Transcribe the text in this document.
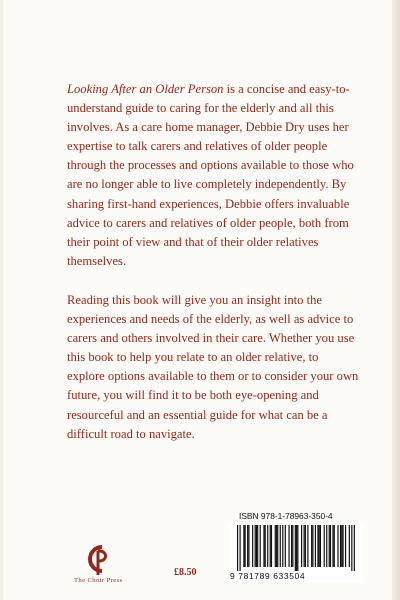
Looking After an Older Person is a concise and easy-to-understand guide to caring for the elderly and all this involves. As a care home manager, Debbie Dry uses her expertise to talk carers and relatives of older people through the processes and options available to those who are no longer able to live completely independently. By sharing first-hand experiences, Debbie offers invaluable advice to carers and relatives of older people, both from their point of view and that of their older relatives themselves.

Reading this book will give you an insight into the experiences and needs of the elderly, as well as advice to carers and others involved in their care. Whether you use this book to help you relate to an older relative, to explore options available to them or to consider your own future, you will find it to be both eye-opening and resourceful and an essential guide for what can be a difficult road to navigate.

The Choir Press
£8.50
ISBN 978-1-78963-350-4
9 781789 633504
